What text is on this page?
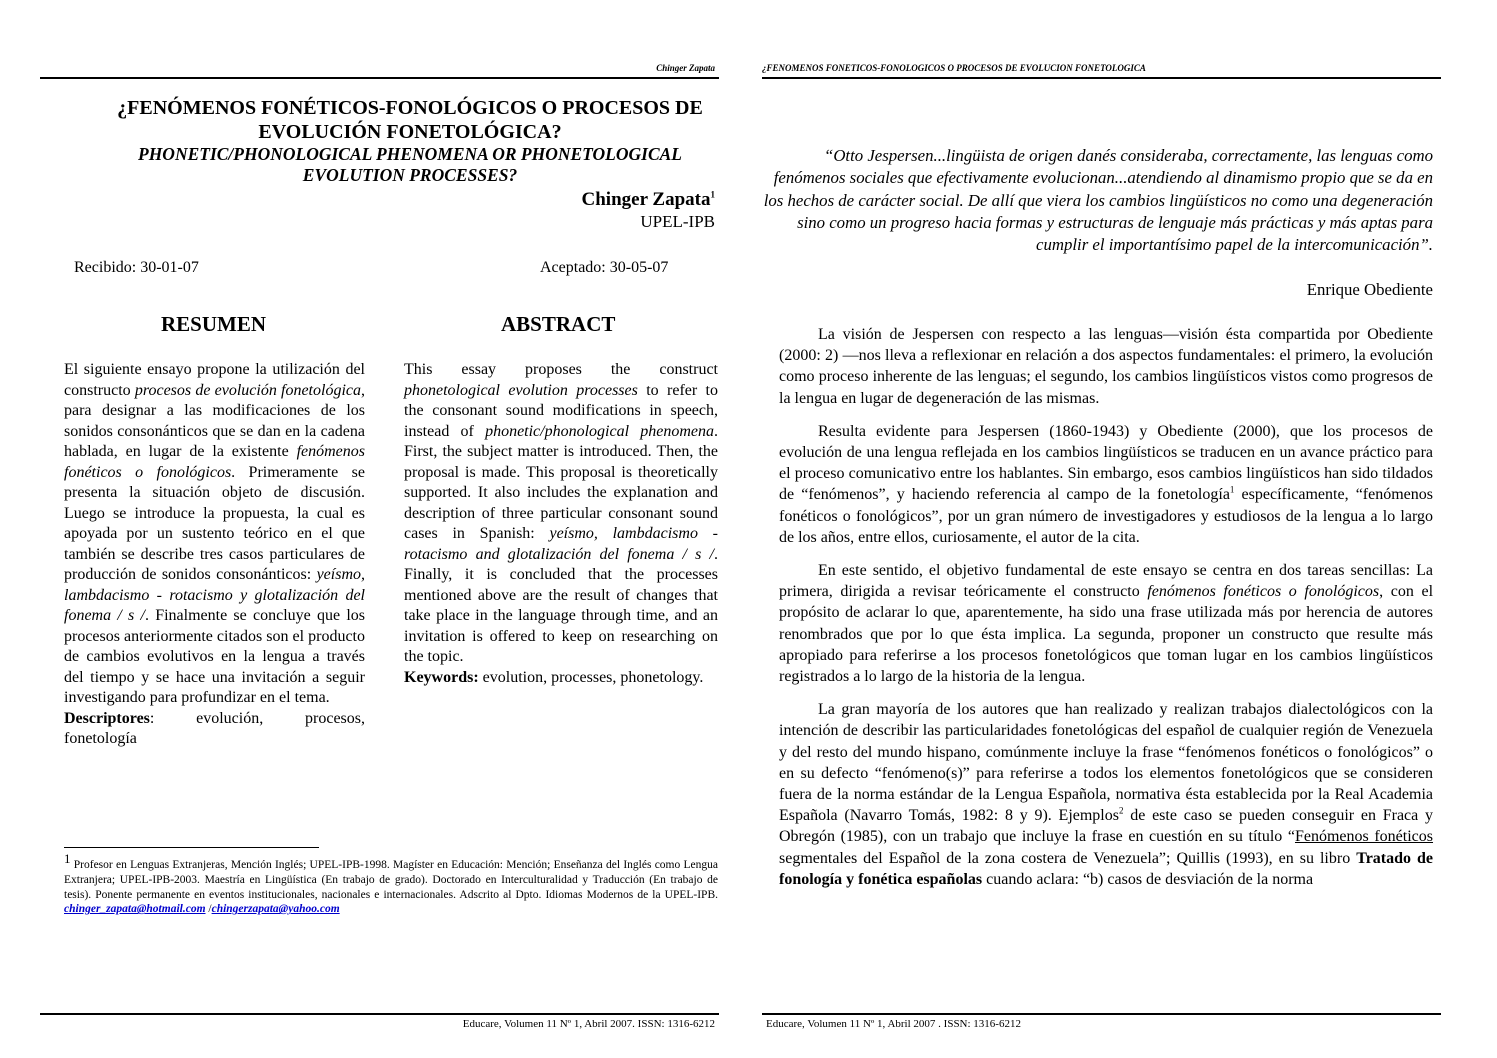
Chinger Zapata
¿FENÓMENOS FONÉTICOS-FONOLÓGICOS O PROCESOS DE
EVOLUCIÓN FONETOLÓGICA?
PHONETIC/PHONOLOGICAL PHENOMENA OR PHONETOLOGICAL
EVOLUTION PROCESSES?
Chinger Zapata$^1$
UPEL-IPB
Recibido: 30-01-07	Aceptado: 30-05-07
RESUMEN
El siguiente ensayo propone la utilización del constructo procesos de evolución fonetológica, para designar a las modificaciones de los sonidos consonánticos que se dan en la cadena hablada, en lugar de la existente fenómenos fonéticos o fonológicos. Primeramente se presenta la situación objeto de discusión. Luego se introduce la propuesta, la cual es apoyada por un sustento teórico en el que también se describe tres casos particulares de producción de sonidos consonánticos: yeísmo, lambdacismo - rotacismo y glotalización del fonema / s /. Finalmente se concluye que los procesos anteriormente citados son el producto de cambios evolutivos en la lengua a través del tiempo y se hace una invitación a seguir investigando para profundizar en el tema.
Descriptores: evolución, procesos, fonetología
ABSTRACT
This essay proposes the construct phonetological evolution processes to refer to the consonant sound modifications in speech, instead of phonetic/phonological phenomena. First, the subject matter is introduced. Then, the proposal is made. This proposal is theoretically supported. It also includes the explanation and description of three particular consonant sound cases in Spanish: yeísmo, lambdacismo - rotacismo and glotalización del fonema / s /. Finally, it is concluded that the processes mentioned above are the result of changes that take place in the language through time, and an invitation is offered to keep on researching on the topic.
Keywords: evolution, processes, phonetology.
$^1$ Profesor en Lenguas Extranjeras, Mención Inglés; UPEL-IPB-1998. Magíster en Educación: Mención; Enseñanza del Inglés como Lengua Extranjera; UPEL-IPB-2003. Maestría en Lingüística (En trabajo de grado). Doctorado en Interculturalidad y Traducción (En trabajo de tesis). Ponente permanente en eventos institucionales, nacionales e internacionales. Adscrito al Dpto. Idiomas Modernos de la UPEL-IPB. chinger_zapata@hotmail.com /chingerzapata@yahoo.com
Educare, Volumen 11 Nº 1, Abril 2007. ISSN: 1316-6212
¿FENOMENOS FONETICOS-FONOLOGICOS O PROCESOS DE EVOLUCION FONETOLOGICA
“Otto Jespersen...lingüista de origen danés consideraba, correctamente, las lenguas como fenómenos sociales que efectivamente evolucionan...atendiendo al dinamismo propio que se da en los hechos de carácter social. De allí que viera los cambios lingüísticos no como una degeneración sino como un progreso hacia formas y estructuras de lenguaje más prácticas y más aptas para cumplir el importantísimo papel de la intercomunicación”.
Enrique Obediente

La visión de Jespersen con respecto a las lenguas—visión ésta compartida por Obediente (2000: 2) —nos lleva a reflexionar en relación a dos aspectos fundamentales: el primero, la evolución como proceso inherente de las lenguas; el segundo, los cambios lingüísticos vistos como progresos de la lengua en lugar de degeneración de las mismas.

Resulta evidente para Jespersen (1860-1943) y Obediente (2000), que los procesos de evolución de una lengua reflejada en los cambios lingüísticos se traducen en un avance práctico para el proceso comunicativo entre los hablantes. Sin embargo, esos cambios lingüísticos han sido tildados de “fenómenos”, y haciendo referencia al campo de la fonetología$^1$ específicamente, “fenómenos fonéticos o fonológicos”, por un gran número de investigadores y estudiosos de la lengua a lo largo de los años, entre ellos, curiosamente, el autor de la cita.

En este sentido, el objetivo fundamental de este ensayo se centra en dos tareas sencillas: La primera, dirigida a revisar teóricamente el constructo fenómenos fonéticos o fonológicos, con el propósito de aclarar lo que, aparentemente, ha sido una frase utilizada más por herencia de autores renombrados que por lo que ésta implica. La segunda, proponer un constructo que resulte más apropiado para referirse a los procesos fonetológicos que toman lugar en los cambios lingüísticos registrados a lo largo de la historia de la lengua.

La gran mayoría de los autores que han realizado y realizan trabajos dialectológicos con la intención de describir las particularidades fonetológicas del español de cualquier región de Venezuela y del resto del mundo hispano, comúnmente incluye la frase “fenómenos fonéticos o fonológicos” o en su defecto “fenómeno(s)” para referirse a todos los elementos fonetológicos que se consideren fuera de la norma estándar de la Lengua Española, normativa ésta establecida por la Real Academia Española (Navarro Tomás, 1982: 8 y 9). Ejemplos$^2$ de este caso se pueden conseguir en Fraca y Obregón (1985), con un trabajo que incluye la frase en cuestión en su título “Fenómenos fonéticos segmentales del Español de la zona costera de Venezuela”; Quillis (1993), en su libro Tratado de fonología y fonética españolas cuando aclara: “b) casos de desviación de la norma

Educare, Volumen 11 Nº 1, Abril 2007 . ISSN: 1316-6212
